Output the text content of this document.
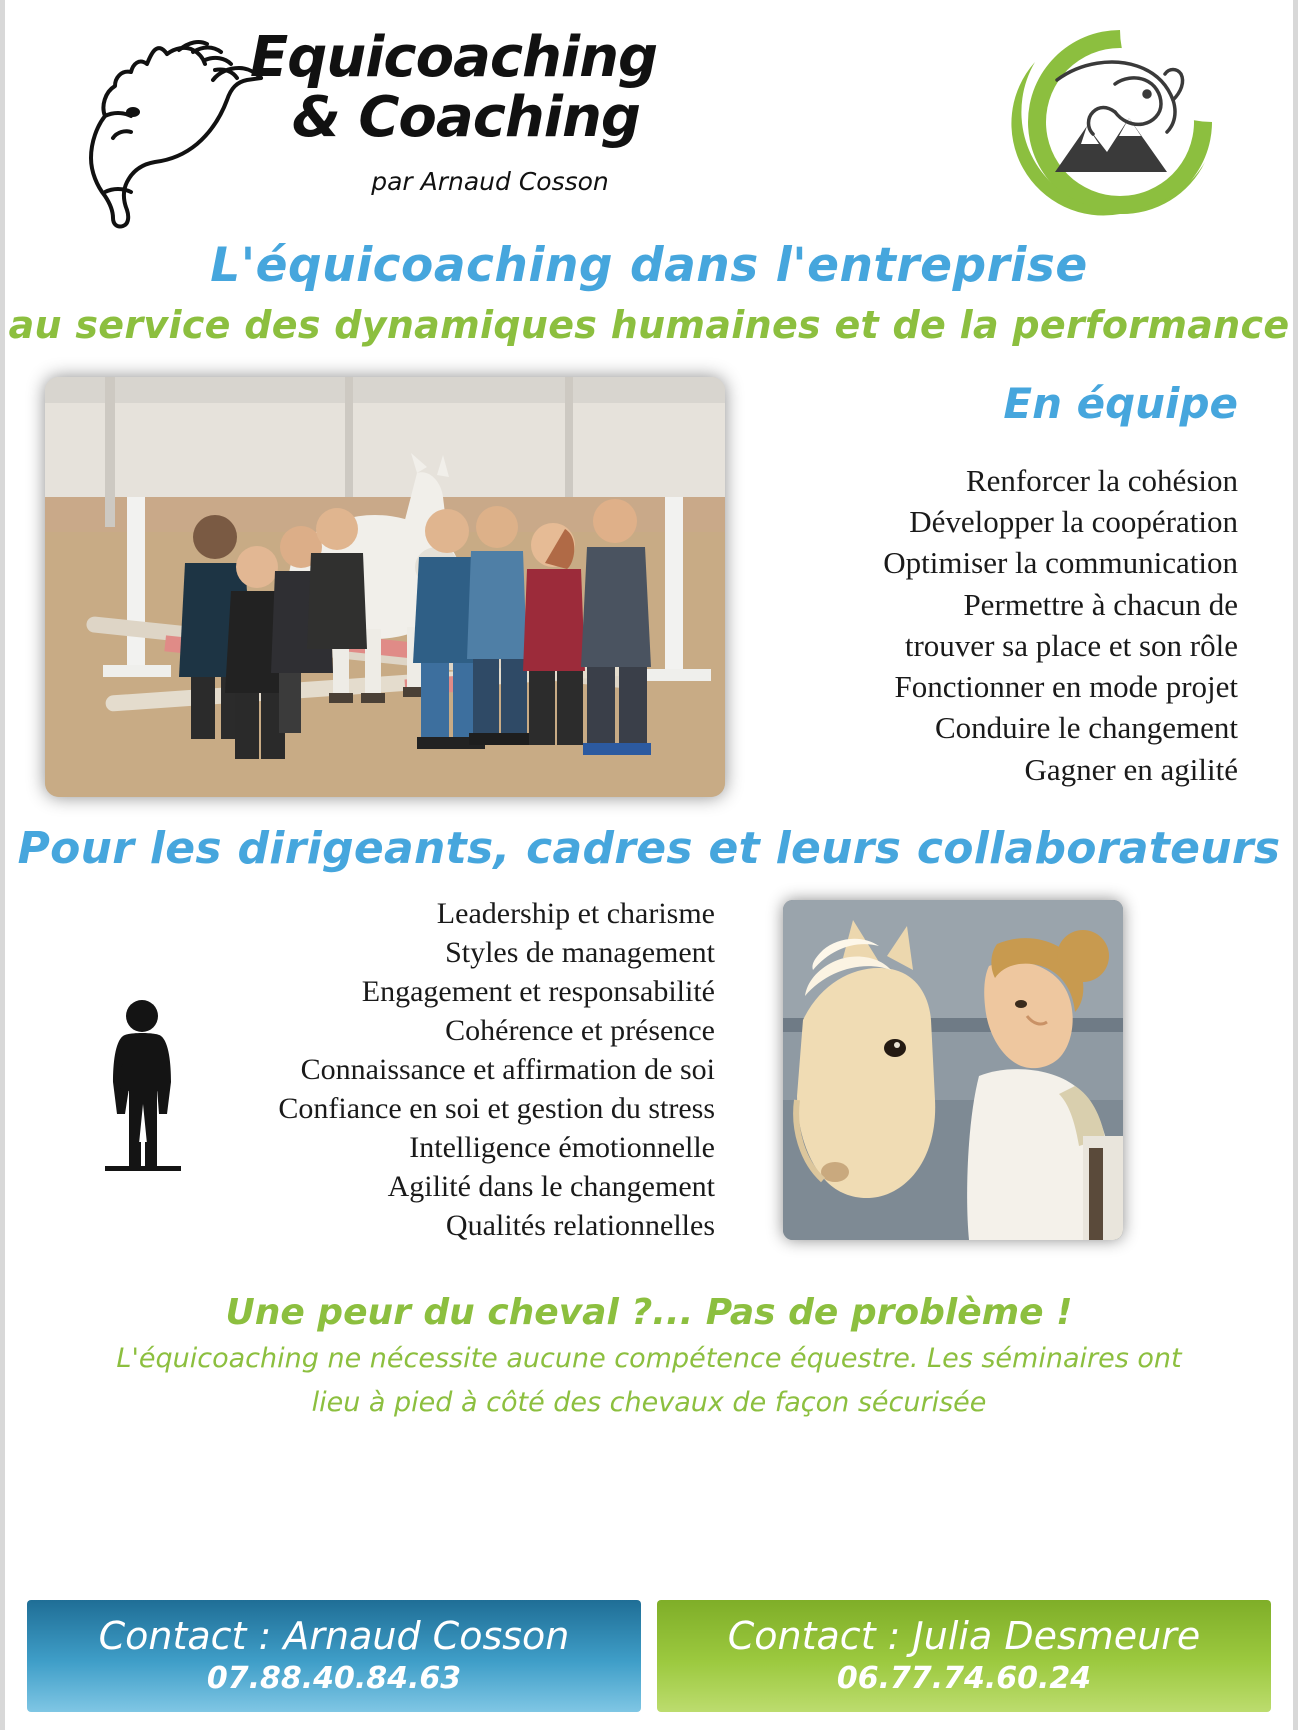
Equicoaching
& Coaching
par Arnaud Cosson
L'équicoaching dans l'entreprise
au service des dynamiques humaines et de la performance
En équipe
Renforcer la cohésion
Développer la coopération
Optimiser la communication
Permettre à chacun de
trouver sa place et son rôle
Fonctionner en mode projet
Conduire le changement
Gagner en agilité
Pour les dirigeants, cadres et leurs collaborateurs
Leadership et charisme
Styles de management
Engagement et responsabilité
Cohérence et présence
Connaissance et affirmation de soi
Confiance en soi et gestion du stress
Intelligence émotionnelle
Agilité dans le changement
Qualités relationnelles
Une peur du cheval ?... Pas de problème !
L'équicoaching ne nécessite aucune compétence équestre. Les séminaires ont
lieu à pied à côté des chevaux de façon sécurisée
Contact : Arnaud Cosson
07.88.40.84.63
Contact : Julia Desmeure
06.77.74.60.24
